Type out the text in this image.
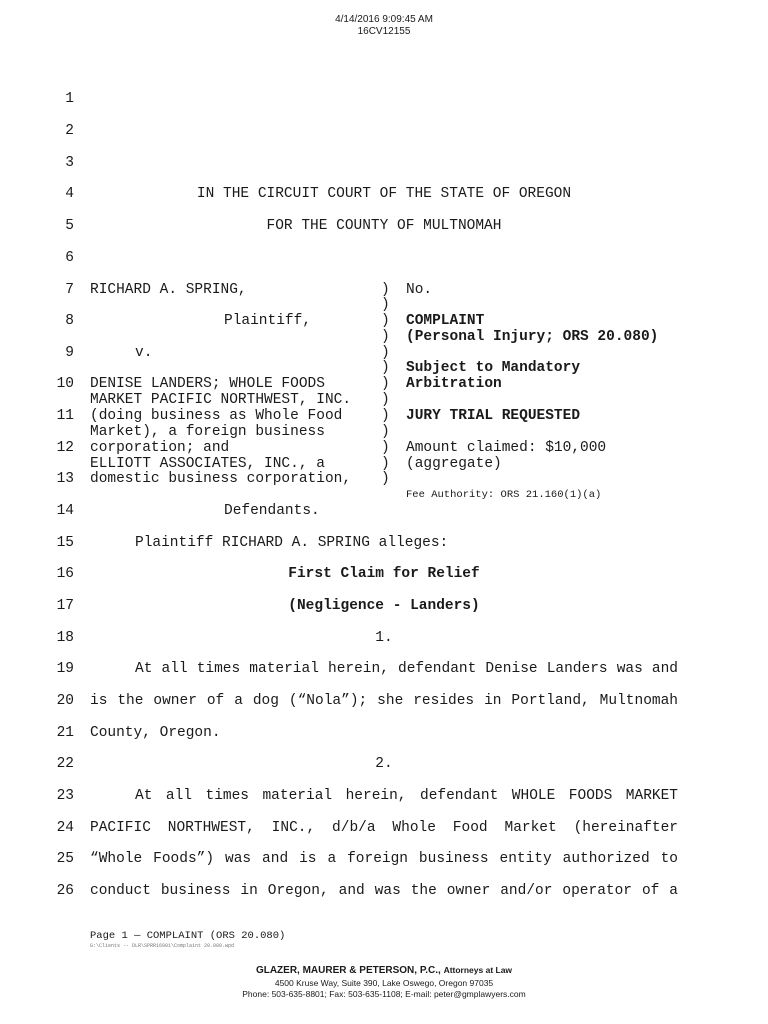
4/14/2016 9:09:45 AM
16CV12155
1
2
3
4
5
6
7
8
9
10
11
12
13
14
15
16
17
18
19
20
21
22
23
24
25
26
IN THE CIRCUIT COURT OF THE STATE OF OREGON
FOR THE COUNTY OF MULTNOMAH
RICHARD A. SPRING,
Plaintiff,
v.
DENISE LANDERS; WHOLE FOODS
MARKET PACIFIC NORTHWEST, INC.
(doing business as Whole Food
Market), a foreign business
corporation; and
ELLIOTT ASSOCIATES, INC., a
domestic business corporation,
Defendants.
)
)
)
)
)
)
)
)
)
)
)
)
)
No.
COMPLAINT
(Personal Injury; ORS 20.080)
Subject to Mandatory
Arbitration
JURY TRIAL REQUESTED
Amount claimed: $10,000
(aggregate)
Fee Authority: ORS 21.160(1)(a)
Plaintiff RICHARD A. SPRING alleges:
First Claim for Relief
(Negligence - Landers)
1.
At all times material herein, defendant Denise Landers was and
is the owner of a dog (“Nola”); she resides in Portland, Multnomah
County, Oregon.
2.
At all times material herein, defendant WHOLE FOODS MARKET
PACIFIC NORTHWEST, INC., d/b/a Whole Food Market (hereinafter
“Whole Foods”) was and is a foreign business entity authorized to
conduct business in Oregon, and was the owner and/or operator of a
Page 1 — COMPLAINT (ORS 20.080)
G:\Clients -- DLR\SPRR16001\Complaint 20.080.wpd
GLAZER, MAURER & PETERSON, P.C., Attorneys at Law
4500 Kruse Way, Suite 390, Lake Oswego, Oregon 97035
Phone: 503-635-8801; Fax: 503-635-1108; E-mail: peter@gmplawyers.com
